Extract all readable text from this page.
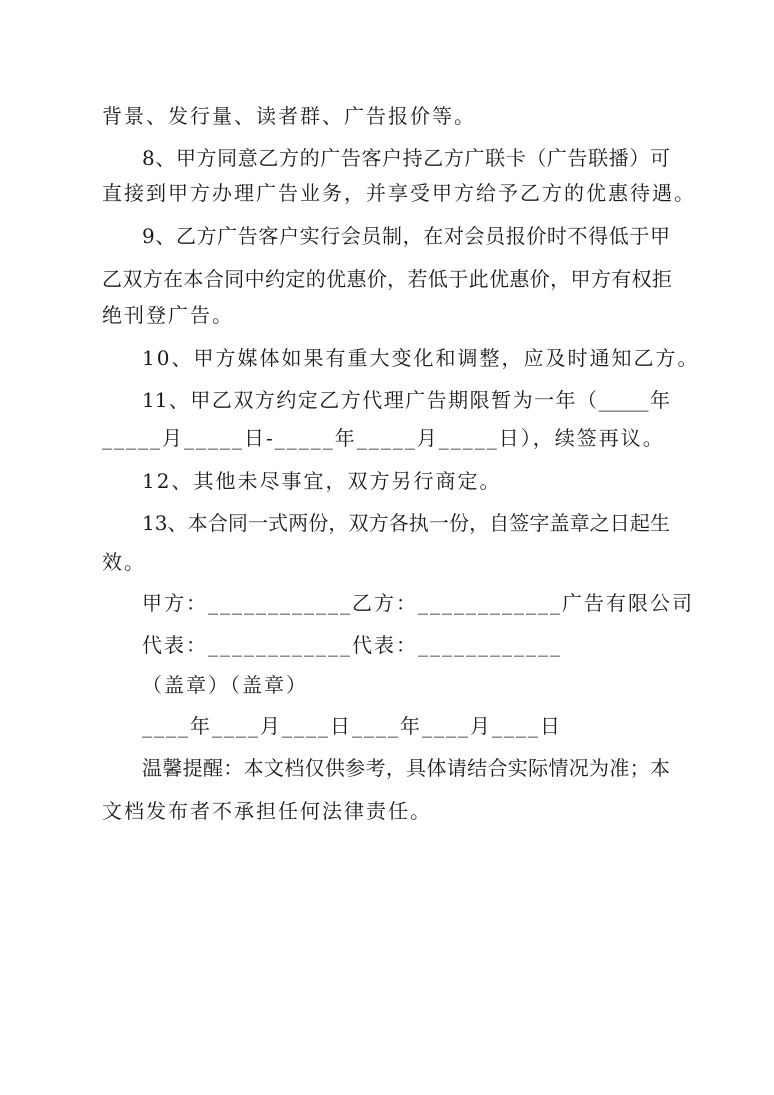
背景、发行量、读者群、广告报价等。
8、甲方同意乙方的广告客户持乙方广联卡（广告联播）可
直接到甲方办理广告业务，并享受甲方给予乙方的优惠待遇。
9、乙方广告客户实行会员制，在对会员报价时不得低于甲
乙双方在本合同中约定的优惠价，若低于此优惠价，甲方有权拒
绝刊登广告。
10、甲方媒体如果有重大变化和调整，应及时通知乙方。
11、甲乙双方约定乙方代理广告期限暂为一年（_____年
_____月_____日-_____年_____月_____日），续签再议。
12、其他未尽事宜，双方另行商定。
13、本合同一式两份，双方各执一份，自签字盖章之日起生
效。
甲方：____________乙方：____________广告有限公司
代表：____________代表：____________
（盖章）（盖章）
____年____月____日____年____月____日
温馨提醒：本文档仅供参考，具体请结合实际情况为准；本
文档发布者不承担任何法律责任。
